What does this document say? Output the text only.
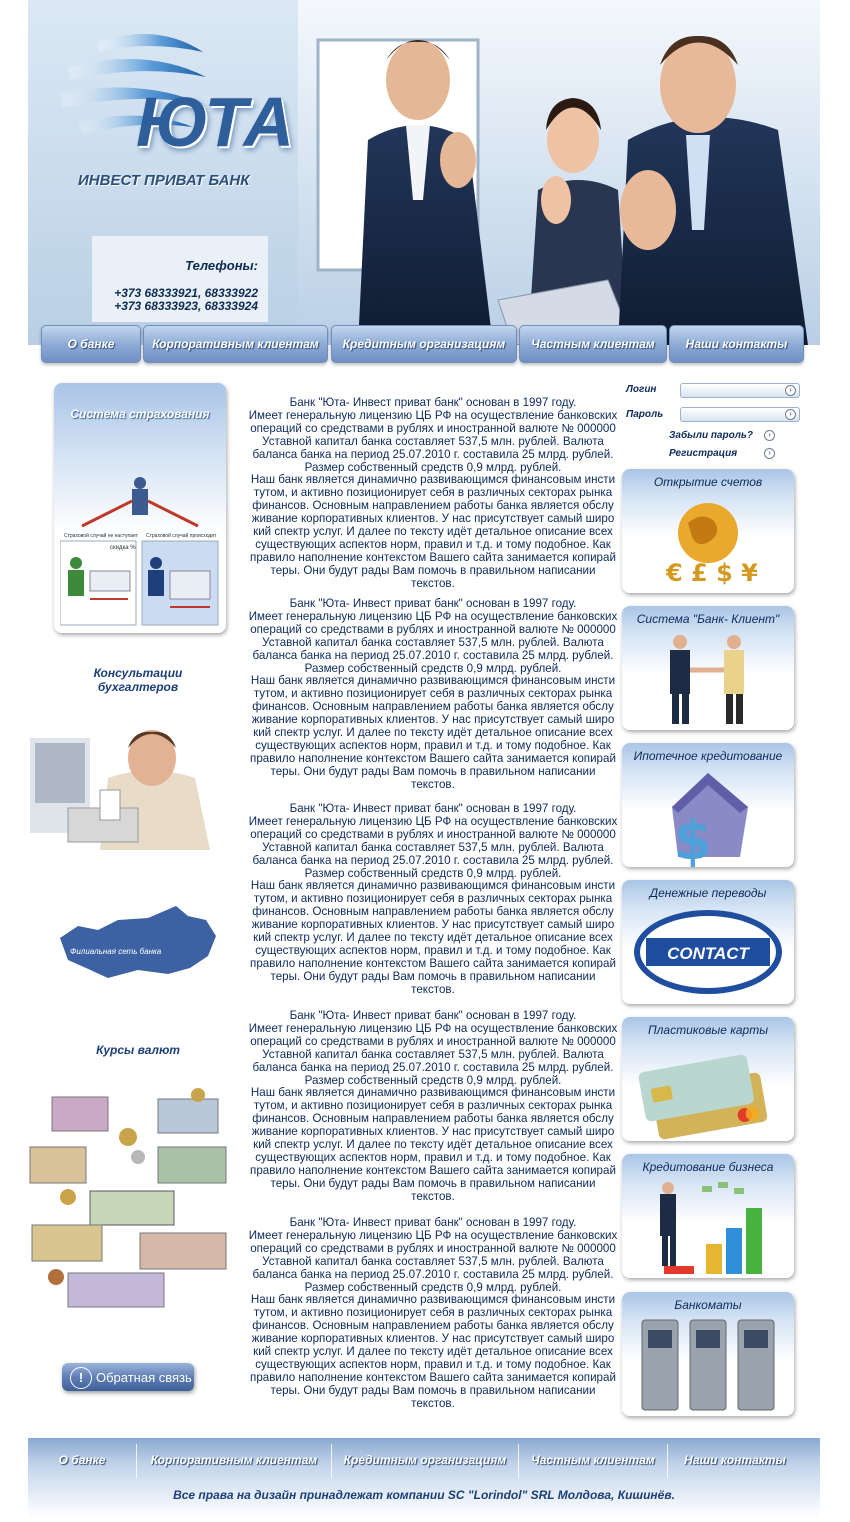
ЮТА
ИНВЕСТ ПРИВАТ БАНК
Телефоны:
+373 68333921, 68333922
+373 68333923, 68333924
О банке	Корпоративным клиентам	Кредитным организациям	Частным клиентам	Наши контакты
Система страхования
Страховой случай не наступает Страховой случай происходит
скидка %
Консультации
бухгалтеров
Филиальная сеть банка
Курсы валют
! Обратная связь

Банк "Юта- Инвест приват банк" основан в 1997 году.

Имеет генеральную лицензию ЦБ РФ на осуществление банковских

операций со средствами в рублях и иностранной валюте № 000000

Уставной капитал банка составляет 537,5 млн. рублей. Валюта

баланса банка на период 25.07.2010 г. составила 25 млрд. рублей.

Размер собственный средств 0,9 млрд. рублей.

Наш банк является динамично развивающимся финансовым инсти

тутом, и активно позиционирует себя в различных секторах рынка

финансов. Основным направлением работы банка является обслу

живание корпоративных клиентов. У нас присутствует самый широ

кий спектр услуг. И далее по тексту идёт детальное описание всех

существующих аспектов норм, правил и т.д. и тому подобное. Как

правило наполнение контекстом Вашего сайта занимается копирай

теры. Они будут рады Вам помочь в правильном написании текстов.

Банк "Юта- Инвест приват банк" основан в 1997 году.

Имеет генеральную лицензию ЦБ РФ на осуществление банковских

операций со средствами в рублях и иностранной валюте № 000000

Уставной капитал банка составляет 537,5 млн. рублей. Валюта

баланса банка на период 25.07.2010 г. составила 25 млрд. рублей.

Размер собственный средств 0,9 млрд. рублей.

Наш банк является динамично развивающимся финансовым инсти

тутом, и активно позиционирует себя в различных секторах рынка

финансов. Основным направлением работы банка является обслу

живание корпоративных клиентов. У нас присутствует самый широ

кий спектр услуг. И далее по тексту идёт детальное описание всех

существующих аспектов норм, правил и т.д. и тому подобное. Как

правило наполнение контекстом Вашего сайта занимается копирай

теры. Они будут рады Вам помочь в правильном написании текстов.

Банк "Юта- Инвест приват банк" основан в 1997 году.

Имеет генеральную лицензию ЦБ РФ на осуществление банковских

операций со средствами в рублях и иностранной валюте № 000000

Уставной капитал банка составляет 537,5 млн. рублей. Валюта

баланса банка на период 25.07.2010 г. составила 25 млрд. рублей.

Размер собственный средств 0,9 млрд. рублей.

Наш банк является динамично развивающимся финансовым инсти

тутом, и активно позиционирует себя в различных секторах рынка

финансов. Основным направлением работы банка является обслу

живание корпоративных клиентов. У нас присутствует самый широ

кий спектр услуг. И далее по тексту идёт детальное описание всех

существующих аспектов норм, правил и т.д. и тому подобное. Как

правило наполнение контекстом Вашего сайта занимается копирай

теры. Они будут рады Вам помочь в правильном написании текстов.

Банк "Юта- Инвест приват банк" основан в 1997 году.

Имеет генеральную лицензию ЦБ РФ на осуществление банковских

операций со средствами в рублях и иностранной валюте № 000000

Уставной капитал банка составляет 537,5 млн. рублей. Валюта

баланса банка на период 25.07.2010 г. составила 25 млрд. рублей.

Размер собственный средств 0,9 млрд. рублей.

Наш банк является динамично развивающимся финансовым инсти

тутом, и активно позиционирует себя в различных секторах рынка

финансов. Основным направлением работы банка является обслу

живание корпоративных клиентов. У нас присутствует самый широ

кий спектр услуг. И далее по тексту идёт детальное описание всех

существующих аспектов норм, правил и т.д. и тому подобное. Как

правило наполнение контекстом Вашего сайта занимается копирай

теры. Они будут рады Вам помочь в правильном написании текстов.

Банк "Юта- Инвест приват банк" основан в 1997 году.

Имеет генеральную лицензию ЦБ РФ на осуществление банковских

операций со средствами в рублях и иностранной валюте № 000000

Уставной капитал банка составляет 537,5 млн. рублей. Валюта

баланса банка на период 25.07.2010 г. составила 25 млрд. рублей.

Размер собственный средств 0,9 млрд. рублей.

Наш банк является динамично развивающимся финансовым инсти

тутом, и активно позиционирует себя в различных секторах рынка

финансов. Основным направлением работы банка является обслу

живание корпоративных клиентов. У нас присутствует самый широ

кий спектр услуг. И далее по тексту идёт детальное описание всех

существующих аспектов норм, правил и т.д. и тому подобное. Как

правило наполнение контекстом Вашего сайта занимается копирай

теры. Они будут рады Вам помочь в правильном написании текстов.

Логин	›
Пароль	›
Забыли пароль?	›
Регистрация	›
Открытие счетов
€ £ $ ¥
Система "Банк- Клиент"
Ипотечное кредитование
$
Денежные переводы
CONTACT
Пластиковые карты
Кредитование бизнеса
Банкоматы
О банке	Корпоративным клиентам	Кредитным организациям	Частным клиентам	Наши контакты
Все права на дизайн принадлежат компании SC "Lorindol" SRL Молдова, Кишинёв.
